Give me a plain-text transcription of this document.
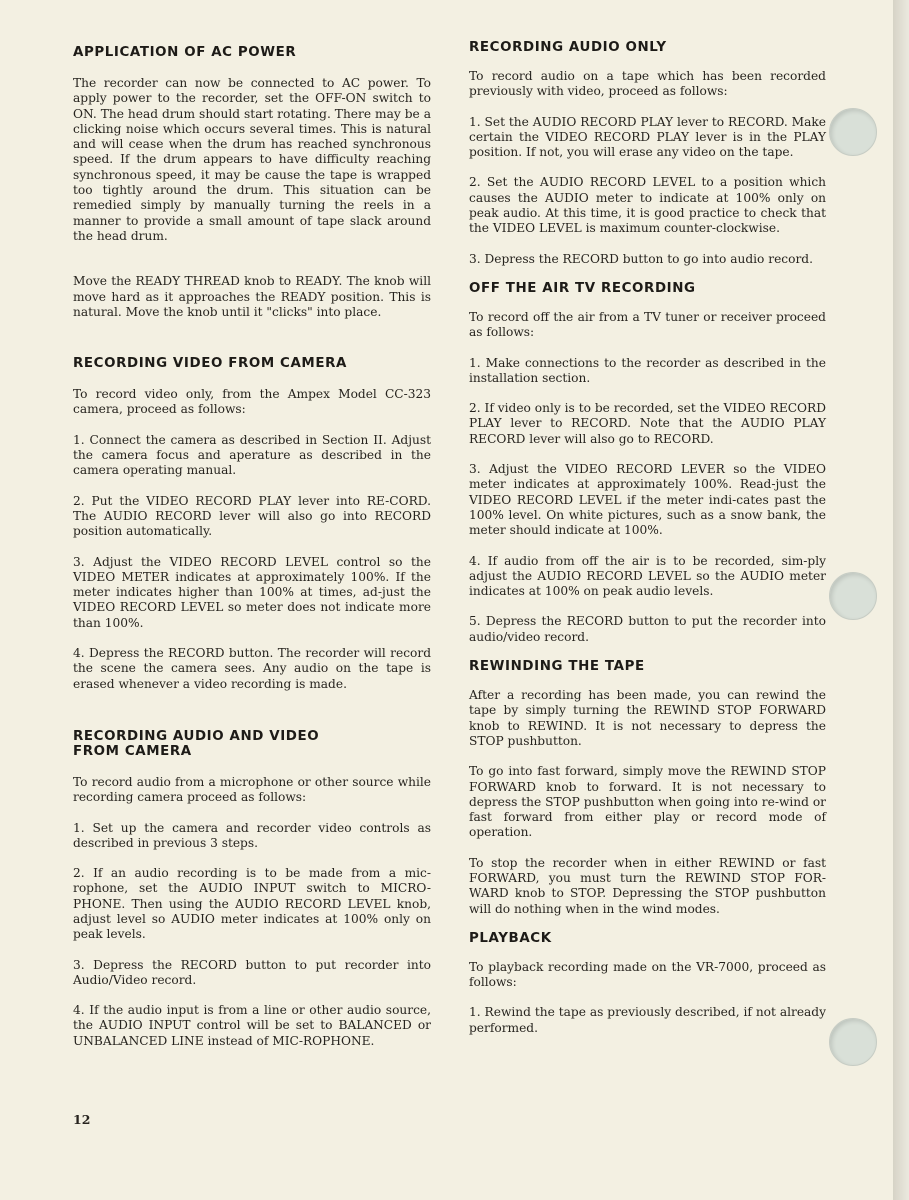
APPLICATION OF AC POWER

The recorder can now be connected to AC power. To apply power to the recorder, set the OFF-ON switch to ON. The head drum should start rotating. There may be a clicking noise which occurs several times. This is natural and will cease when the drum has reached synchronous speed. If the drum appears to have difficulty reaching synchronous speed, it may be cause the tape is wrapped too tightly around the drum. This situation can be remedied simply by manually turning the reels in a manner to provide a small amount of tape slack around the head drum.

Move the READY THREAD knob to READY. The knob will move hard as it approaches the READY position. This is natural. Move the knob until it "clicks" into place.

RECORDING VIDEO FROM CAMERA

To record video only, from the Ampex Model CC-323 camera, proceed as follows:

1. Connect the camera as described in Section II. Adjust the camera focus and aperature as described in the camera operating manual.

2. Put the VIDEO RECORD PLAY lever into RE-CORD. The AUDIO RECORD lever will also go into RECORD position automatically.

3. Adjust the VIDEO RECORD LEVEL control so the VIDEO METER indicates at approximately 100%. If the meter indicates higher than 100% at times, ad-just the VIDEO RECORD LEVEL so meter does not indicate more than 100%.

4. Depress the RECORD button. The recorder will record the scene the camera sees. Any audio on the tape is erased whenever a video recording is made.

RECORDING AUDIO AND VIDEO
FROM CAMERA

To record audio from a microphone or other source while recording camera proceed as follows:

1. Set up the camera and recorder video controls as described in previous 3 steps.

2. If an audio recording is to be made from a mic-rophone, set the AUDIO INPUT switch to MICRO-PHONE. Then using the AUDIO RECORD LEVEL knob, adjust level so AUDIO meter indicates at 100% only on peak levels.

3. Depress the RECORD button to put recorder into Audio/Video record.

4. If the audio input is from a line or other audio source, the AUDIO INPUT control will be set to BALANCED or UNBALANCED LINE instead of MIC-ROPHONE.

RECORDING AUDIO ONLY

To record audio on a tape which has been recorded previously with video, proceed as follows:

1. Set the AUDIO RECORD PLAY lever to RECORD. Make certain the VIDEO RECORD PLAY lever is in the PLAY position. If not, you will erase any video on the tape.

2. Set the AUDIO RECORD LEVEL to a position which causes the AUDIO meter to indicate at 100% only on peak audio. At this time, it is good practice to check that the VIDEO LEVEL is maximum counter-clockwise.

3. Depress the RECORD button to go into audio record.

OFF THE AIR TV RECORDING

To record off the air from a TV tuner or receiver proceed as follows:

1. Make connections to the recorder as described in the installation section.

2. If video only is to be recorded, set the VIDEO RECORD PLAY lever to RECORD. Note that the AUDIO PLAY RECORD lever will also go to RECORD.

3. Adjust the VIDEO RECORD LEVER so the VIDEO meter indicates at approximately 100%. Read-just the VIDEO RECORD LEVEL if the meter indi-cates past the 100% level. On white pictures, such as a snow bank, the meter should indicate at 100%.

4. If audio from off the air is to be recorded, sim-ply adjust the AUDIO RECORD LEVEL so the AUDIO meter indicates at 100% on peak audio levels.

5. Depress the RECORD button to put the recorder into audio/video record.

REWINDING THE TAPE

After a recording has been made, you can rewind the tape by simply turning the REWIND STOP FORWARD knob to REWIND. It is not necessary to depress the STOP pushbutton.

To go into fast forward, simply move the REWIND STOP FORWARD knob to forward. It is not necessary to depress the STOP pushbutton when going into re-wind or fast forward from either play or record mode of operation.

To stop the recorder when in either REWIND or fast FORWARD, you must turn the REWIND STOP FOR-WARD knob to STOP. Depressing the STOP pushbutton will do nothing when in the wind modes.

PLAYBACK

To playback recording made on the VR-7000, proceed as follows:

1. Rewind the tape as previously described, if not already performed.

12
